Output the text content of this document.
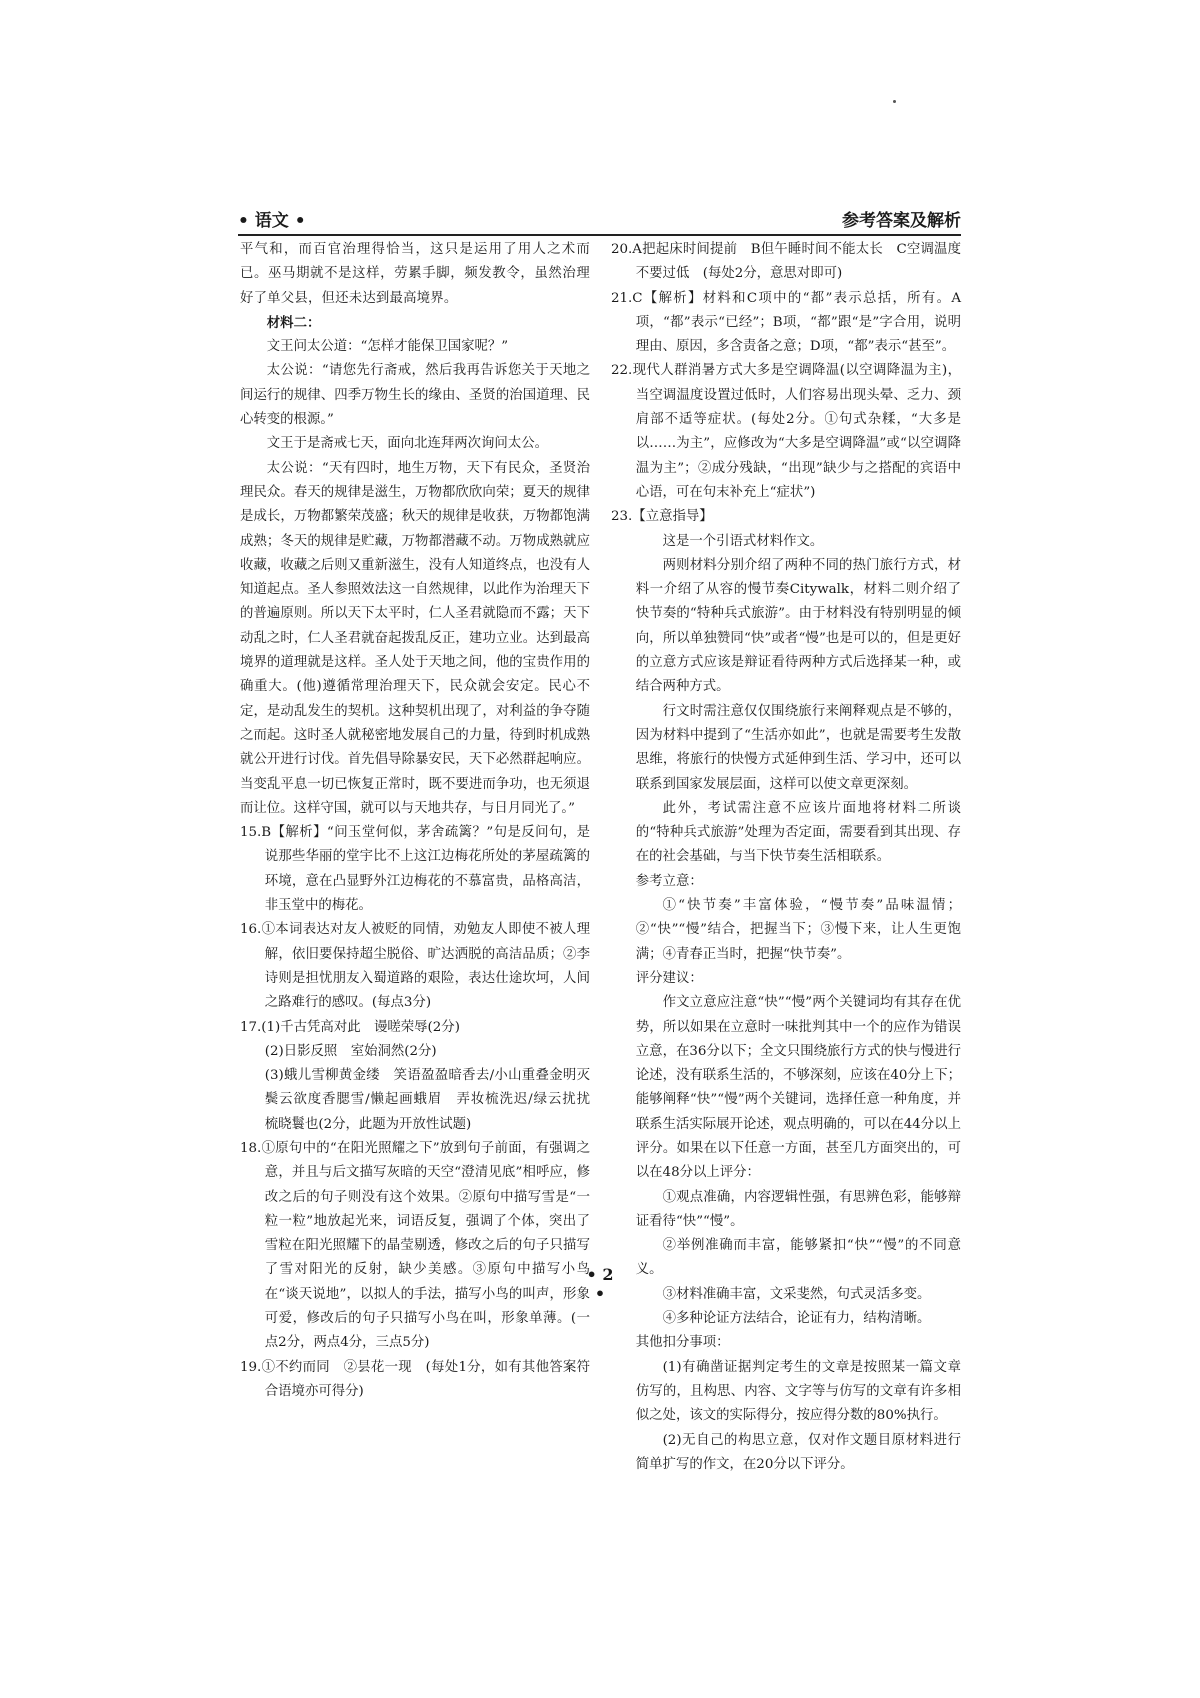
• 语文 •	参考答案及解析

平气和，而百官治理得恰当，这只是运用了用人之术而已。巫马期就不是这样，劳累手脚，频发教令，虽然治理好了单父县，但还未达到最高境界。

材料二：

文王问太公道：“怎样才能保卫国家呢？”

太公说：“请您先行斋戒，然后我再告诉您关于天地之间运行的规律、四季万物生长的缘由、圣贤的治国道理、民心转变的根源。”

文王于是斋戒七天，面向北连拜两次询问太公。

太公说：“天有四时，地生万物，天下有民众，圣贤治理民众。春天的规律是滋生，万物都欣欣向荣；夏天的规律是成长，万物都繁荣茂盛；秋天的规律是收获，万物都饱满成熟；冬天的规律是贮藏，万物都潜藏不动。万物成熟就应收藏，收藏之后则又重新滋生，没有人知道终点，也没有人知道起点。圣人参照效法这一自然规律，以此作为治理天下的普遍原则。所以天下太平时，仁人圣君就隐而不露；天下动乱之时，仁人圣君就奋起拨乱反正，建功立业。达到最高境界的道理就是这样。圣人处于天地之间，他的宝贵作用的确重大。(他)遵循常理治理天下，民众就会安定。民心不定，是动乱发生的契机。这种契机出现了，对利益的争夺随之而起。这时圣人就秘密地发展自己的力量，待到时机成熟就公开进行讨伐。首先倡导除暴安民，天下必然群起响应。当变乱平息一切已恢复正常时，既不要进而争功，也无须退而让位。这样守国，就可以与天地共存，与日月同光了。”

15.B【解析】“问玉堂何似，茅舍疏篱？”句是反问句，是说那些华丽的堂宇比不上这江边梅花所处的茅屋疏篱的环境，意在凸显野外江边梅花的不慕富贵，品格高洁，非玉堂中的梅花。

16.①本词表达对友人被贬的同情，劝勉友人即使不被人理解，依旧要保持超尘脱俗、旷达洒脱的高洁品质；②李诗则是担忧朋友入蜀道路的艰险，表达仕途坎坷，人间之路难行的感叹。(每点3分)

17.(1)千古凭高对此　谩嗟荣辱(2分)

(2)日影反照　室始洞然(2分)

(3)蛾儿雪柳黄金缕　笑语盈盈暗香去/小山重叠金明灭　鬓云欲度香腮雪/懒起画蛾眉　弄妆梳洗迟/绿云扰扰　梳晓鬟也(2分，此题为开放性试题)

18.①原句中的“在阳光照耀之下”放到句子前面，有强调之意，并且与后文描写灰暗的天空“澄清见底”相呼应，修改之后的句子则没有这个效果。②原句中描写雪是“一粒一粒”地放起光来，词语反复，强调了个体，突出了雪粒在阳光照耀下的晶莹剔透，修改之后的句子只描写了雪对阳光的反射，缺少美感。③原句中描写小鸟在“谈天说地”，以拟人的手法，描写小鸟的叫声，形象可爱，修改后的句子只描写小鸟在叫，形象单薄。(一点2分，两点4分，三点5分)

19.①不约而同　②昙花一现　(每处1分，如有其他答案符合语境亦可得分)

20.A把起床时间提前　B但午睡时间不能太长　C空调温度不要过低　(每处2分，意思对即可)

21.C【解析】材料和C项中的“都”表示总括，所有。A项，“都”表示“已经”；B项，“都”跟“是”字合用，说明理由、原因，多含责备之意；D项，“都”表示“甚至”。

22.现代人群消暑方式大多是空调降温(以空调降温为主)，当空调温度设置过低时，人们容易出现头晕、乏力、颈肩部不适等症状。(每处2分。①句式杂糅，“大多是以……为主”，应修改为“大多是空调降温”或“以空调降温为主”；②成分残缺，“出现”缺少与之搭配的宾语中心语，可在句末补充上“症状”)

23.【立意指导】

这是一个引语式材料作文。

两则材料分别介绍了两种不同的热门旅行方式，材料一介绍了从容的慢节奏Citywalk，材料二则介绍了快节奏的“特种兵式旅游”。由于材料没有特别明显的倾向，所以单独赞同“快”或者“慢”也是可以的，但是更好的立意方式应该是辩证看待两种方式后选择某一种，或结合两种方式。

行文时需注意仅仅围绕旅行来阐释观点是不够的，因为材料中提到了“生活亦如此”，也就是需要考生发散思维，将旅行的快慢方式延伸到生活、学习中，还可以联系到国家发展层面，这样可以使文章更深刻。

此外，考试需注意不应该片面地将材料二所谈的“特种兵式旅游”处理为否定面，需要看到其出现、存在的社会基础，与当下快节奏生活相联系。

参考立意：

①“快节奏”丰富体验，“慢节奏”品味温情；②“快”“慢”结合，把握当下；③慢下来，让人生更饱满；④青春正当时，把握“快节奏”。

评分建议：

作文立意应注意“快”“慢”两个关键词均有其存在优势，所以如果在立意时一味批判其中一个的应作为错误立意，在36分以下；全文只围绕旅行方式的快与慢进行论述，没有联系生活的，不够深刻，应该在40分上下；能够阐释“快”“慢”两个关键词，选择任意一种角度，并联系生活实际展开论述，观点明确的，可以在44分以上评分。如果在以下任意一方面，甚至几方面突出的，可以在48分以上评分：

①观点准确，内容逻辑性强，有思辨色彩，能够辩证看待“快”“慢”。

②举例准确而丰富，能够紧扣“快”“慢”的不同意义。

③材料准确丰富，文采斐然，句式灵活多变。

④多种论证方法结合，论证有力，结构清晰。

其他扣分事项：

(1)有确凿证据判定考生的文章是按照某一篇文章仿写的，且构思、内容、文字等与仿写的文章有许多相似之处，该文的实际得分，按应得分数的80%执行。

(2)无自己的构思立意，仅对作文题目原材料进行简单扩写的作文，在20分以下评分。

• 2 •
